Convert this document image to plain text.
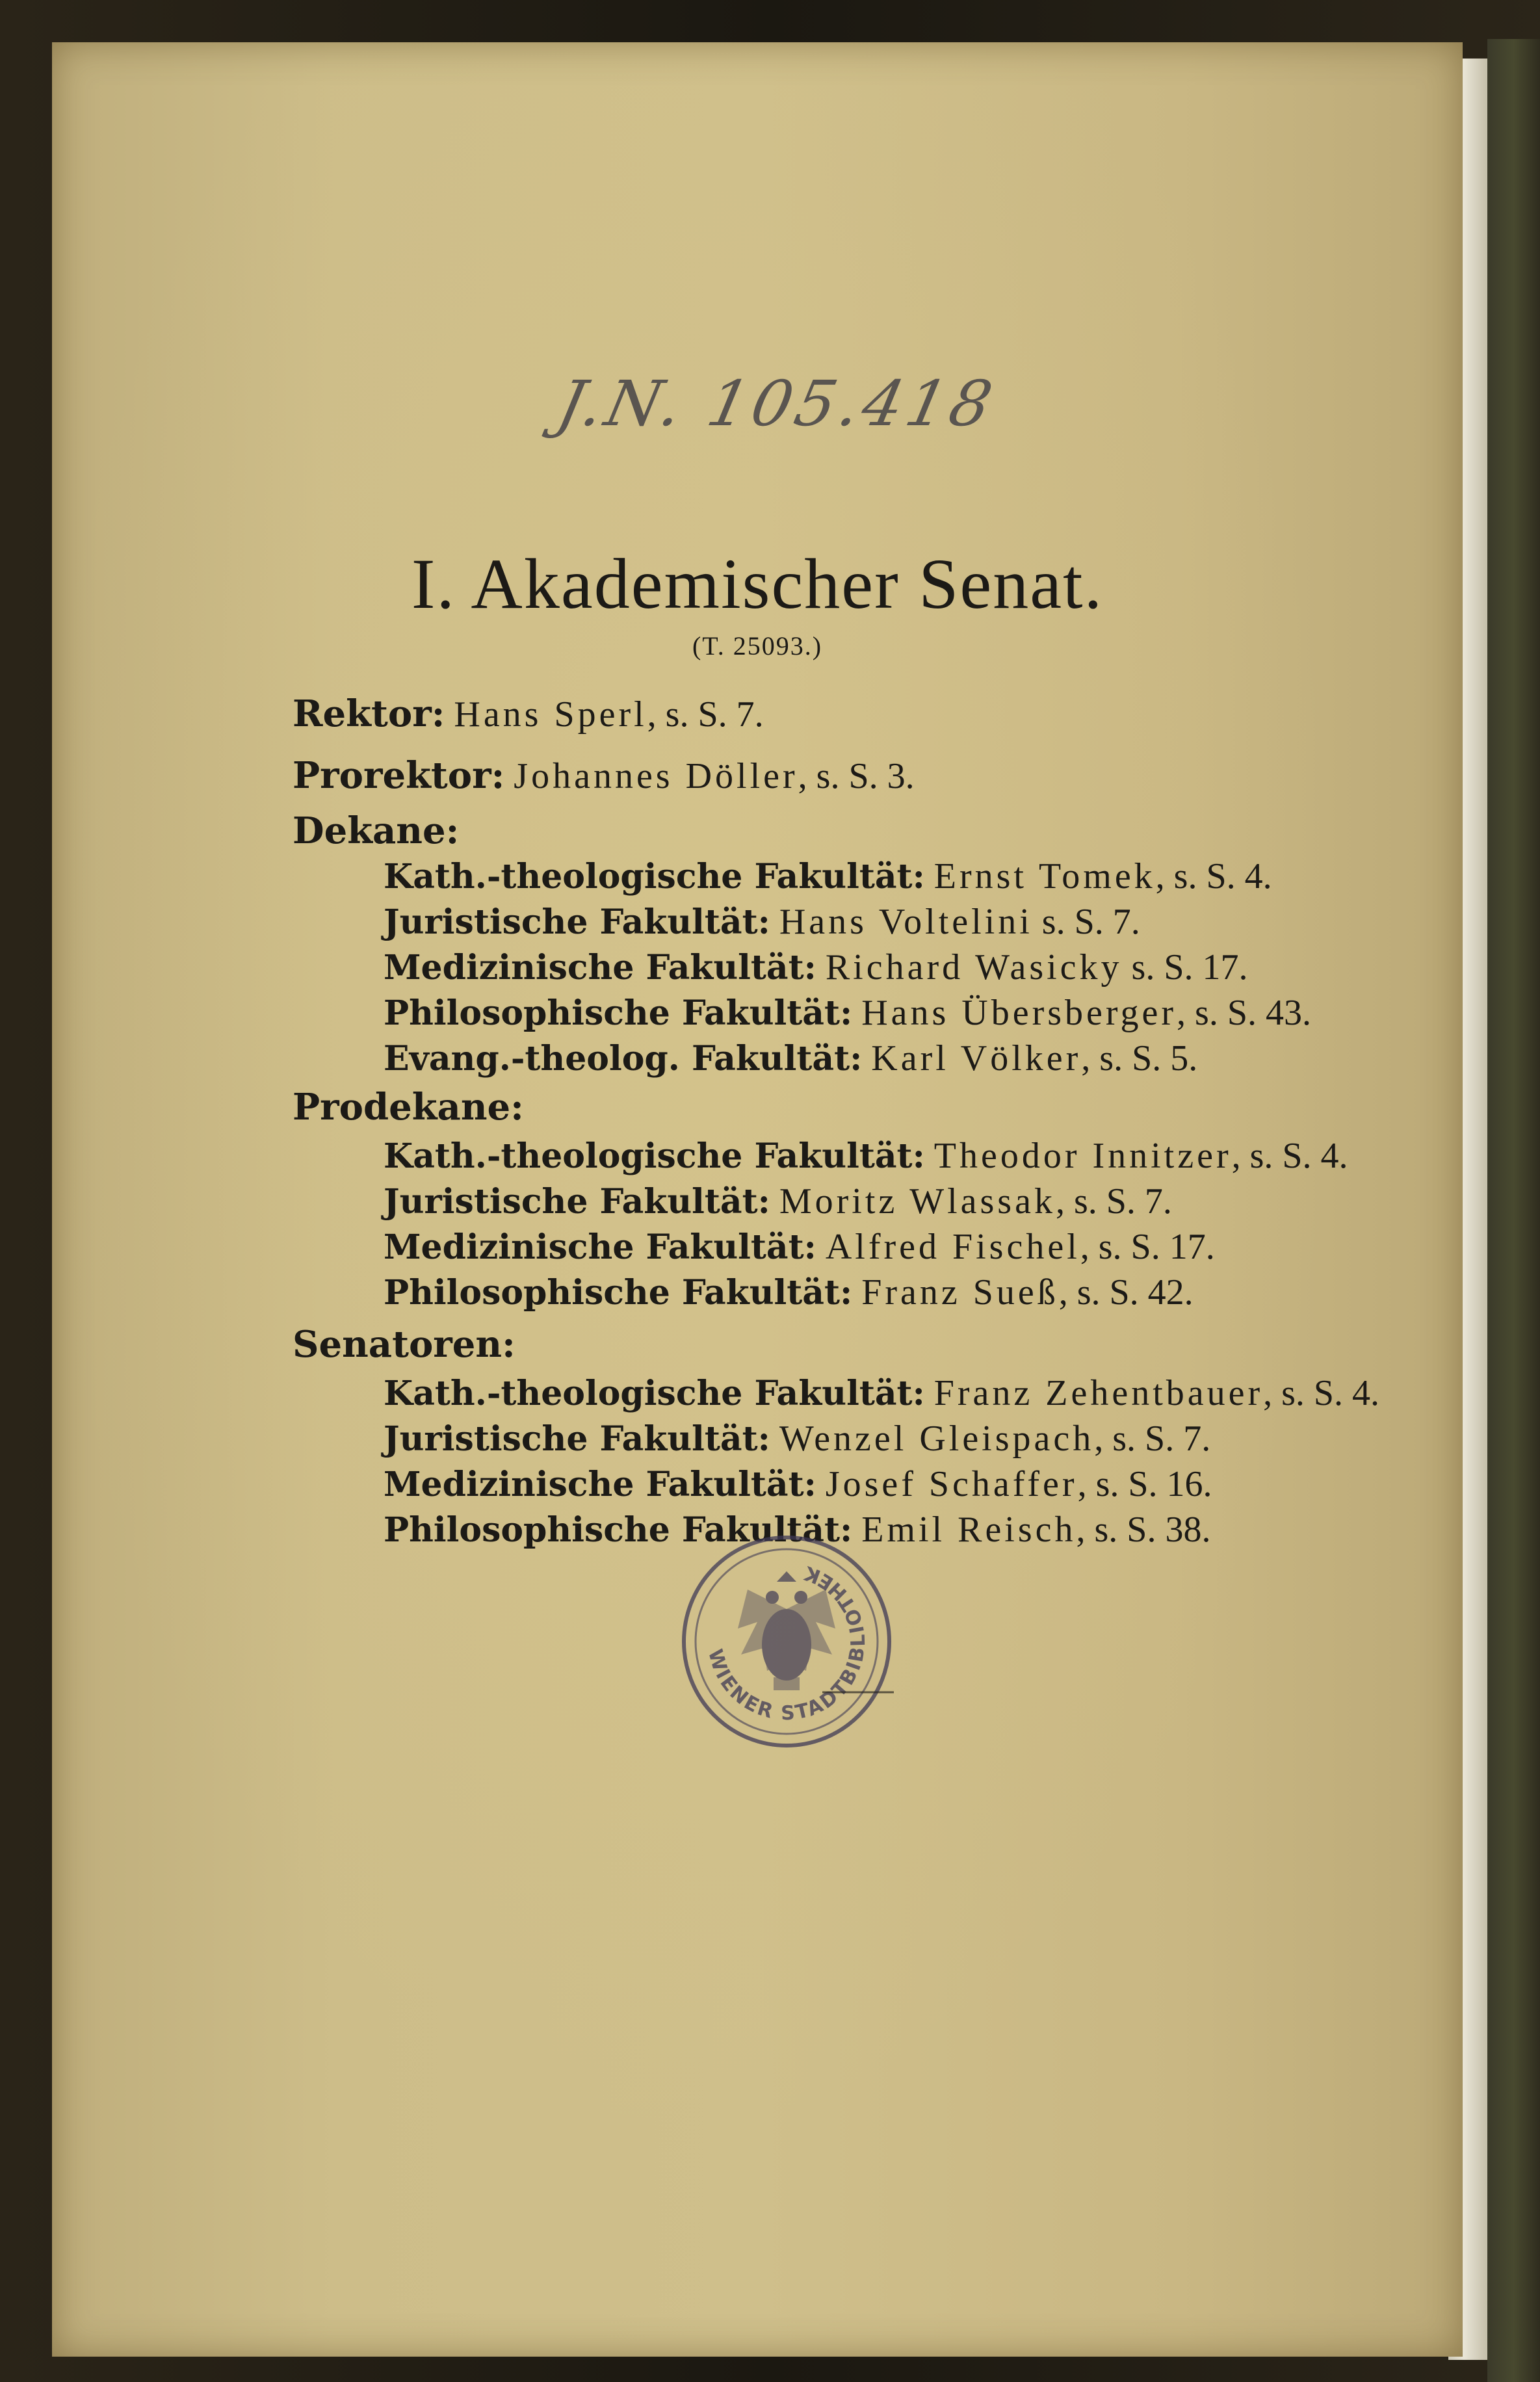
J.N. 105.418
I. Akademischer Senat.
(T. 25093.)
Rektor: Hans Sperl, s. S. 7.
Prorektor: Johannes Döller, s. S. 3.
Dekane:
Kath.-theologische Fakultät: Ernst Tomek, s. S. 4.
Juristische Fakultät: Hans Voltelini s. S. 7.
Medizinische Fakultät: Richard Wasicky s. S. 17.
Philosophische Fakultät: Hans Übersberger, s. S. 43.
Evang.-theolog. Fakultät: Karl Völker, s. S. 5.
Prodekane:
Kath.-theologische Fakultät: Theodor Innitzer, s. S. 4.
Juristische Fakultät: Moritz Wlassak, s. S. 7.
Medizinische Fakultät: Alfred Fischel, s. S. 17.
Philosophische Fakultät: Franz Sueß, s. S. 42.
Senatoren:
Kath.-theologische Fakultät: Franz Zehentbauer, s. S. 4.
Juristische Fakultät: Wenzel Gleispach, s. S. 7.
Medizinische Fakultät: Josef Schaffer, s. S. 16.
Philosophische Fakultät: Emil Reisch, s. S. 38.
WIENER STADTBIBLIOTHEK
